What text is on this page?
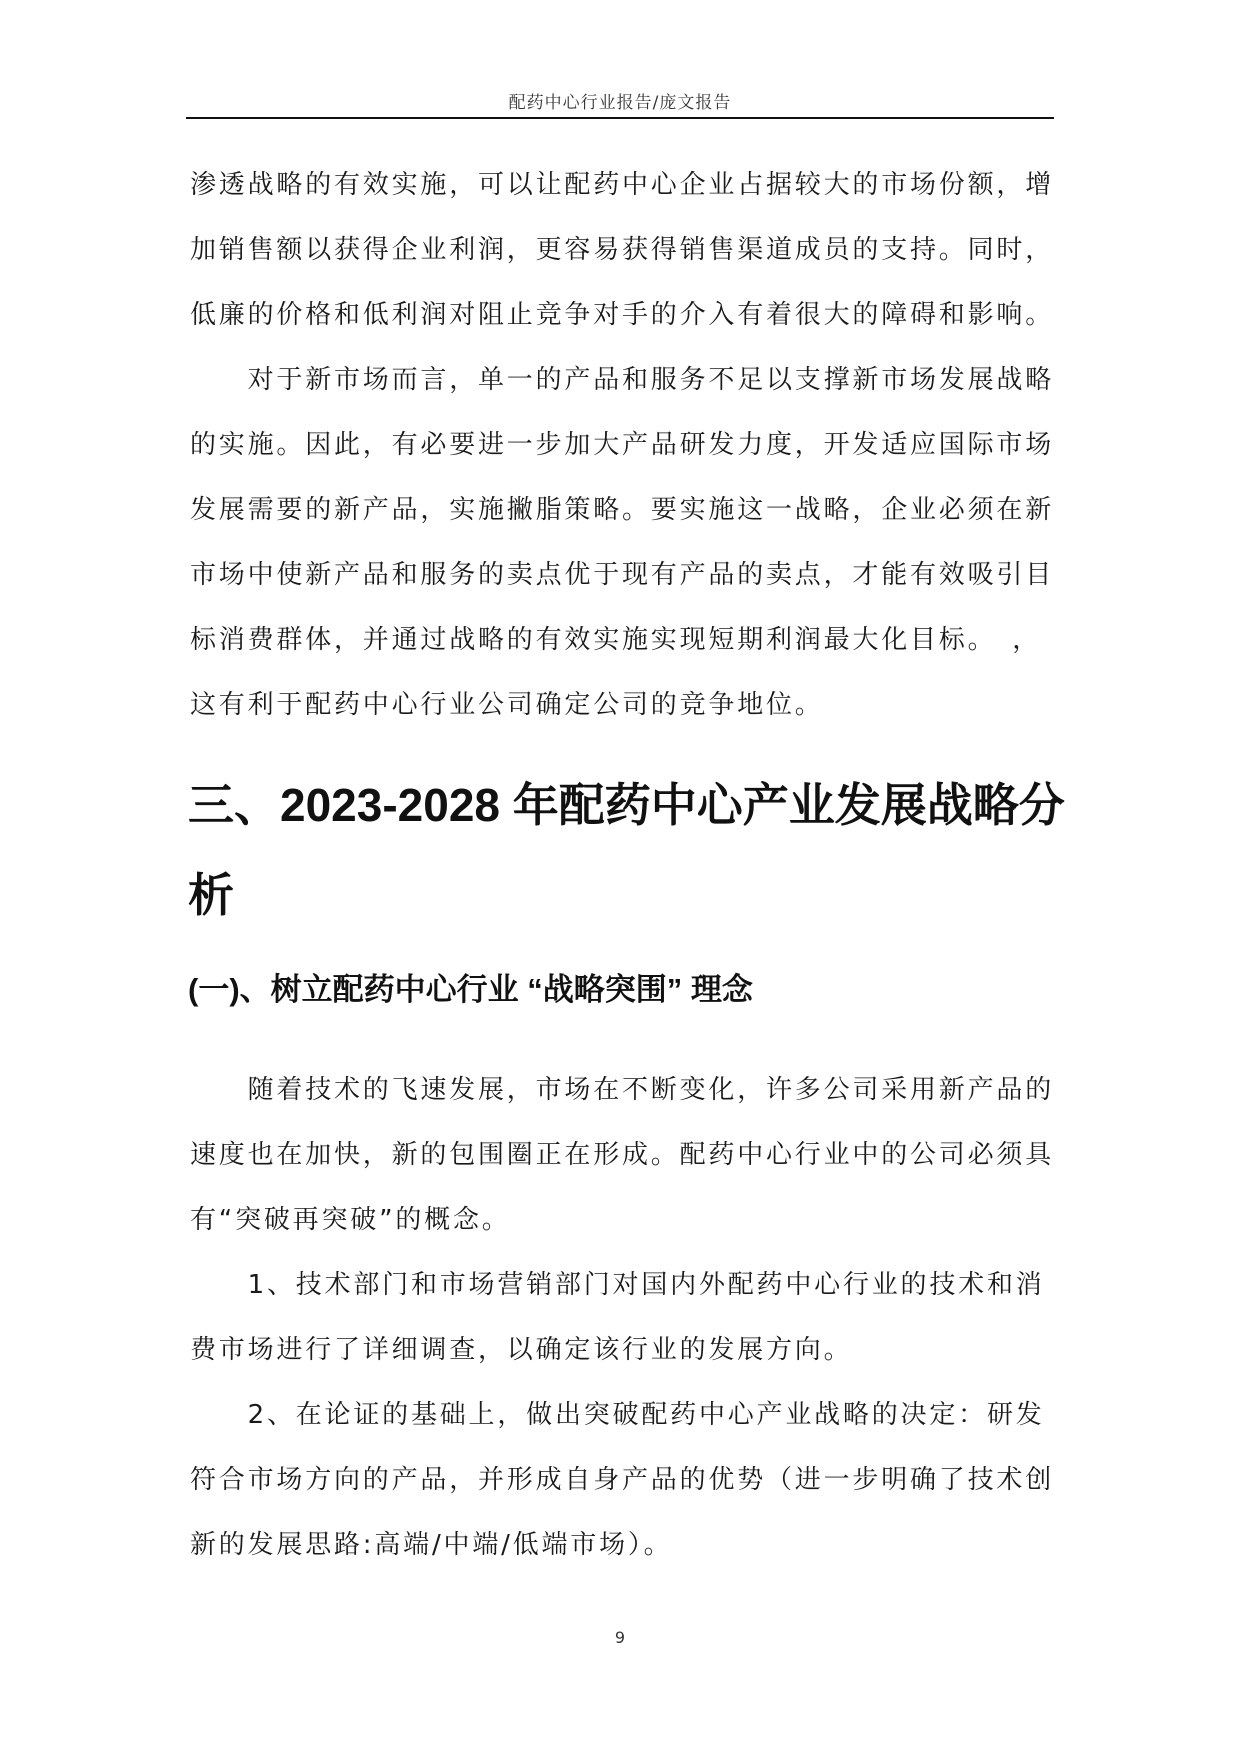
配药中心行业报告/庞文报告
渗透战略的有效实施，可以让配药中心企业占据较大的市场份额，增
加销售额以获得企业利润，更容易获得销售渠道成员的支持。同时，
低廉的价格和低利润对阻止竞争对手的介入有着很大的障碍和影响。
　　对于新市场而言，单一的产品和服务不足以支撑新市场发展战略
的实施。因此，有必要进一步加大产品研发力度，开发适应国际市场
发展需要的新产品，实施撇脂策略。要实施这一战略，企业必须在新
市场中使新产品和服务的卖点优于现有产品的卖点，才能有效吸引目
标消费群体，并通过战略的有效实施实现短期利润最大化目标。　，
这有利于配药中心行业公司确定公司的竞争地位。
三、2023-2028 年配药中心产业发展战略分
析
(一)、树立配药中心行业 “战略突围” 理念
　　随着技术的飞速发展，市场在不断变化，许多公司采用新产品的
速度也在加快，新的包围圈正在形成。配药中心行业中的公司必须具
有“突破再突破”的概念。
　　1、技术部门和市场营销部门对国内外配药中心行业的技术和消
费市场进行了详细调查，以确定该行业的发展方向。
　　2、在论证的基础上，做出突破配药中心产业战略的决定：研发
符合市场方向的产品，并形成自身产品的优势（进一步明确了技术创
新的发展思路:高端/中端/低端市场）。
9
